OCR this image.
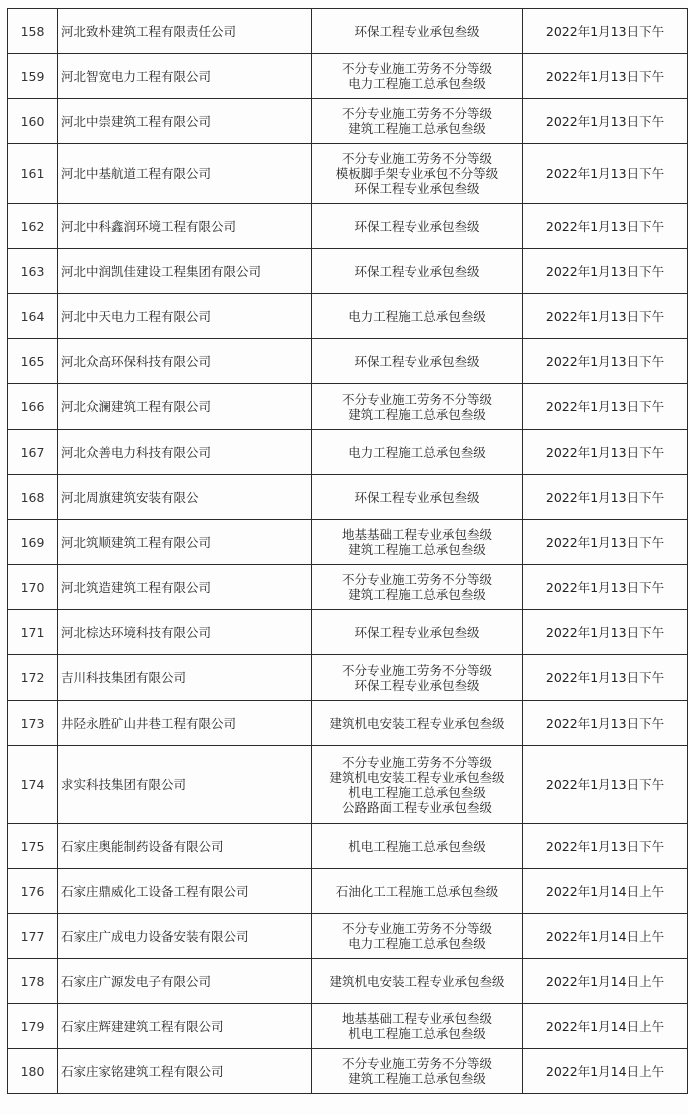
158	河北致朴建筑工程有限责任公司	环保工程专业承包叁级	2022年1月13日下午
159	河北智宽电力工程有限公司	不分专业施工劳务不分等级
电力工程施工总承包叁级	2022年1月13日下午
160	河北中崇建筑工程有限公司	不分专业施工劳务不分等级
建筑工程施工总承包叁级	2022年1月13日下午
161	河北中基航道工程有限公司	不分专业施工劳务不分等级
模板脚手架专业承包不分等级
环保工程专业承包叁级	2022年1月13日下午
162	河北中科鑫润环境工程有限公司	环保工程专业承包叁级	2022年1月13日下午
163	河北中润凯佳建设工程集团有限公司	环保工程专业承包叁级	2022年1月13日下午
164	河北中天电力工程有限公司	电力工程施工总承包叁级	2022年1月13日下午
165	河北众高环保科技有限公司	环保工程专业承包叁级	2022年1月13日下午
166	河北众澜建筑工程有限公司	不分专业施工劳务不分等级
建筑工程施工总承包叁级	2022年1月13日下午
167	河北众善电力科技有限公司	电力工程施工总承包叁级	2022年1月13日下午
168	河北周旗建筑安装有限公	环保工程专业承包叁级	2022年1月13日下午
169	河北筑顺建筑工程有限公司	地基基础工程专业承包叁级
建筑工程施工总承包叁级	2022年1月13日下午
170	河北筑造建筑工程有限公司	不分专业施工劳务不分等级
建筑工程施工总承包叁级	2022年1月13日下午
171	河北棕达环境科技有限公司	环保工程专业承包叁级	2022年1月13日下午
172	吉川科技集团有限公司	不分专业施工劳务不分等级
环保工程专业承包叁级	2022年1月13日下午
173	井陉永胜矿山井巷工程有限公司	建筑机电安装工程专业承包叁级	2022年1月13日下午
174	求实科技集团有限公司	不分专业施工劳务不分等级
建筑机电安装工程专业承包叁级
机电工程施工总承包叁级
公路路面工程专业承包叁级	2022年1月13日下午
175	石家庄奥能制药设备有限公司	机电工程施工总承包叁级	2022年1月13日下午
176	石家庄鼎威化工设备工程有限公司	石油化工工程施工总承包叁级	2022年1月14日上午
177	石家庄广成电力设备安装有限公司	不分专业施工劳务不分等级
电力工程施工总承包叁级	2022年1月14日上午
178	石家庄广源发电子有限公司	建筑机电安装工程专业承包叁级	2022年1月14日上午
179	石家庄辉建建筑工程有限公司	地基基础工程专业承包叁级
机电工程施工总承包叁级	2022年1月14日上午
180	石家庄家铭建筑工程有限公司	不分专业施工劳务不分等级
建筑工程施工总承包叁级	2022年1月14日上午
